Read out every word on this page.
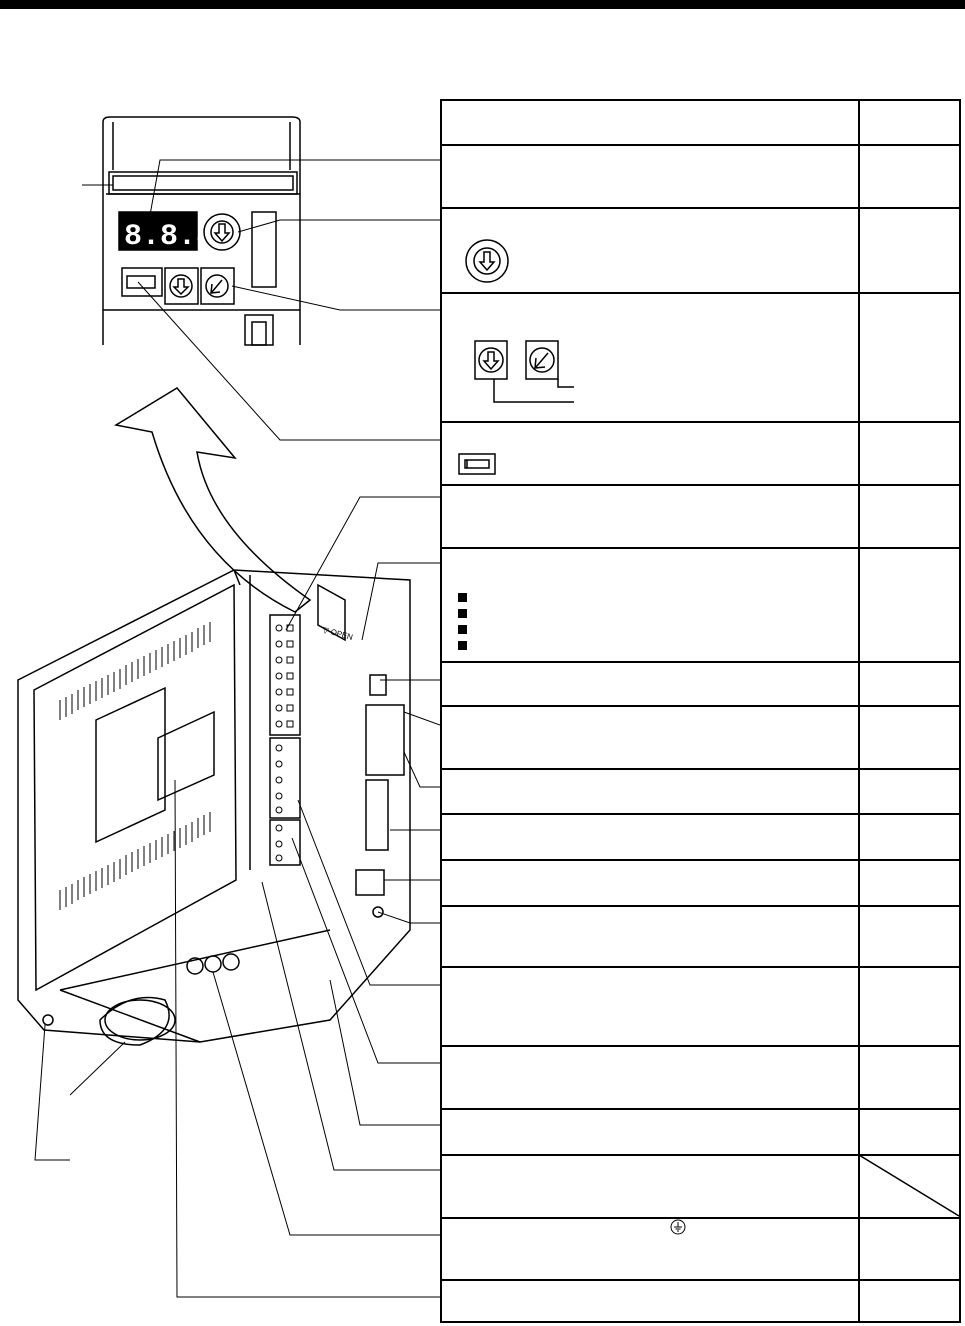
8.8.8.
▽ OPEN
